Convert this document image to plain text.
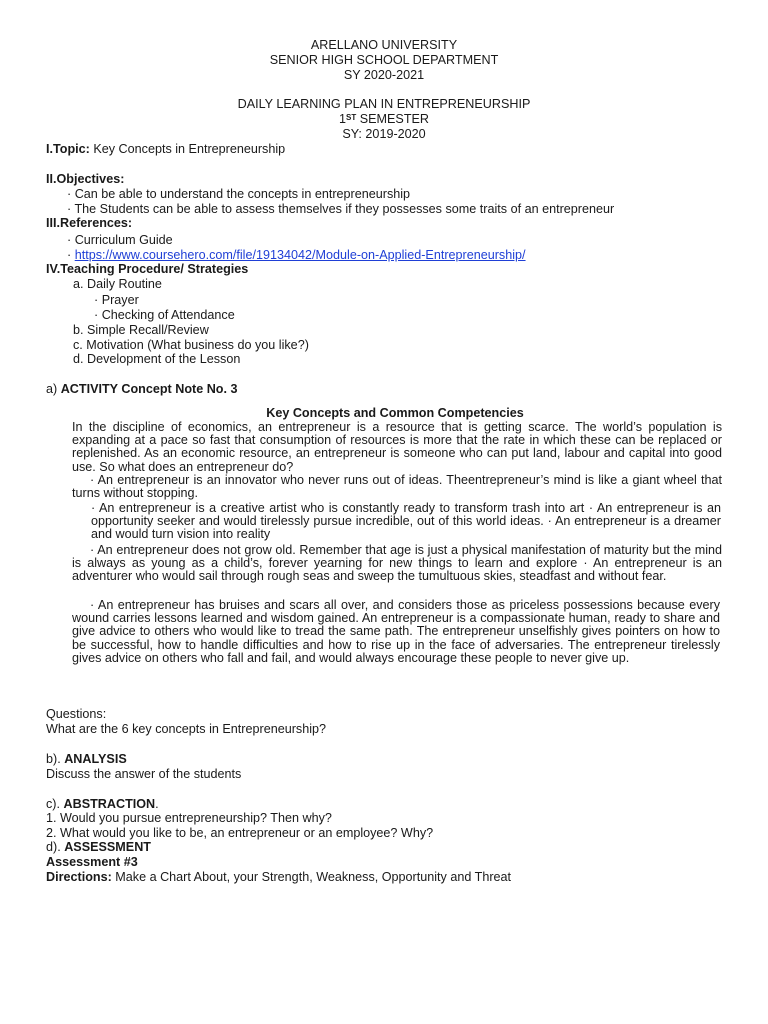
ARELLANO UNIVERSITY
SENIOR HIGH SCHOOL DEPARTMENT
SY 2020-2021
DAILY LEARNING PLAN IN ENTREPRENEURSHIP
1ST SEMESTER
SY: 2019-2020
I.Topic: Key Concepts in Entrepreneurship
II.Objectives:
· Can be able to understand the concepts in entrepreneurship
· The Students can be able to assess themselves if they possesses some traits of an entrepreneur
III.References:
· Curriculum Guide
· https://www.coursehero.com/file/19134042/Module-on-Applied-Entrepreneurship/
IV.Teaching Procedure/ Strategies
a. Daily Routine
· Prayer
· Checking of Attendance
b. Simple Recall/Review
c. Motivation (What business do you like?)
d. Development of the Lesson
a) ACTIVITY Concept Note No. 3
Key Concepts and Common Competencies
In the discipline of economics, an entrepreneur is a resource that is getting scarce. The world’s population is expanding at a pace so fast that consumption of resources is more that the rate in which these can be replaced or replenished. As an economic resource, an entrepreneur is someone who can put land, labour and capital into good use. So what does an entrepreneur do?
· An entrepreneur is an innovator who never runs out of ideas. Theentrepreneur’s mind is like a giant wheel that turns without stopping.
· An entrepreneur is a creative artist who is constantly ready to transform trash into art · An entrepreneur is an opportunity seeker and would tirelessly pursue incredible, out of this world ideas. · An entrepreneur is a dreamer and would turn vision into reality
· An entrepreneur does not grow old. Remember that age is just a physical manifestation of maturity but the mind is always as young as a child’s, forever yearning for new things to learn and explore · An entrepreneur is an adventurer who would sail through rough seas and sweep the tumultuous skies, steadfast and without fear.
· An entrepreneur has bruises and scars all over, and considers those as priceless possessions because every wound carries lessons learned and wisdom gained. An entrepreneur is a compassionate human, ready to share and give advice to others who would like to tread the same path. The entrepreneur unselfishly gives pointers on how to be successful, how to handle difficulties and how to rise up in the face of adversaries. The entrepreneur tirelessly gives advice on others who fall and fail, and would always encourage these people to never give up.
Questions:
What are the 6 key concepts in Entrepreneurship?
b). ANALYSIS
Discuss the answer of the students
c). ABSTRACTION.
1. Would you pursue entrepreneurship? Then why?
2. What would you like to be, an entrepreneur or an employee? Why?
d). ASSESSMENT
Assessment #3
Directions: Make a Chart About, your Strength, Weakness, Opportunity and Threat
